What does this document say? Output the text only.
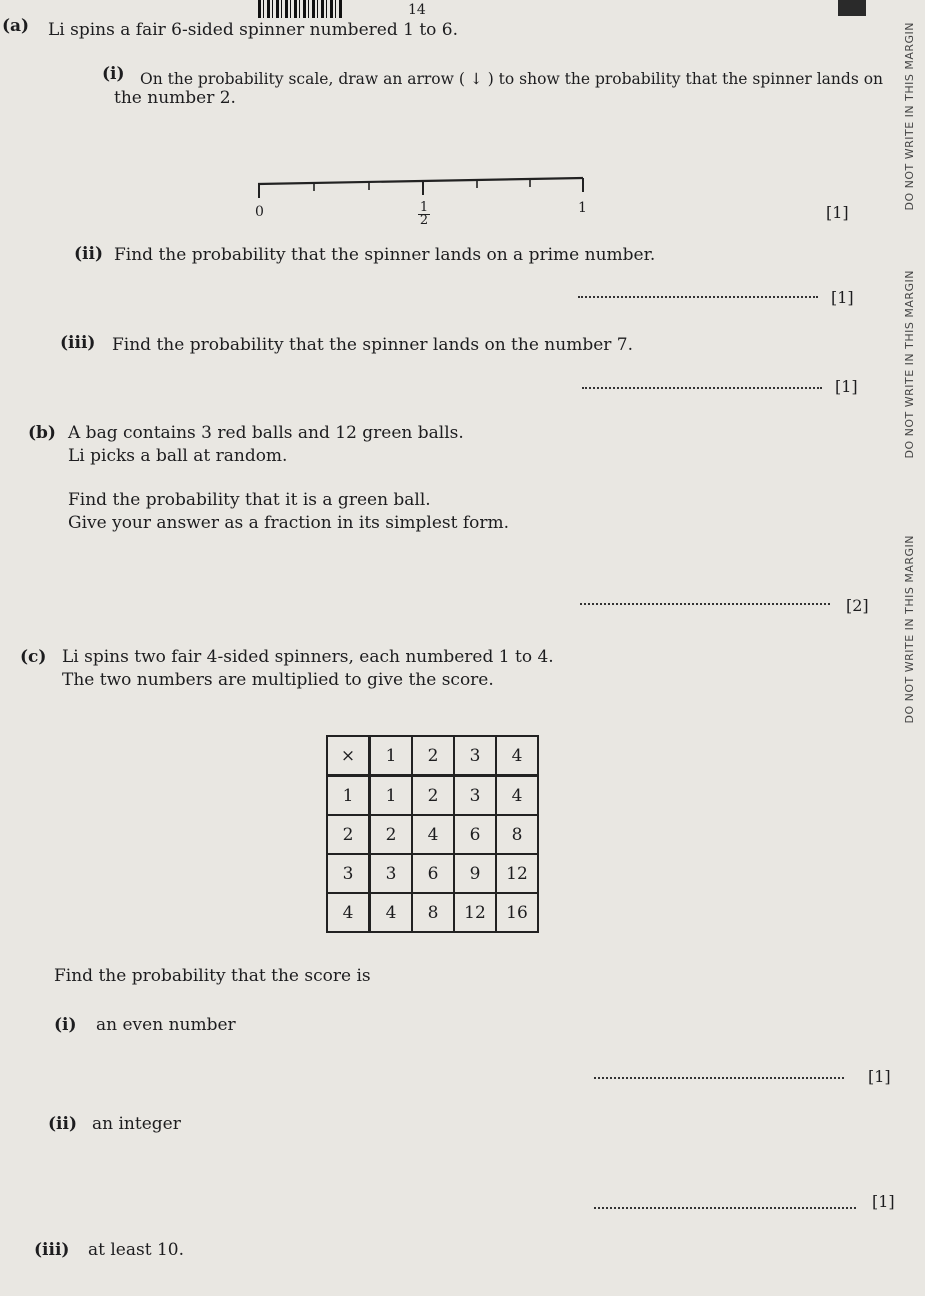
14
DO NOT WRITE IN THIS MARGIN
DO NOT WRITE IN THIS MARGIN
DO NOT WRITE IN THIS MARGIN
(a) Li spins a fair 6-sided spinner numbered 1 to 6.
(i) On the probability scale, draw an arrow ( ↓ ) to show the probability that the spinner lands on
the number 2.
0	$\frac{1}{2}$	1	[1]
(ii) Find the probability that the spinner lands on a prime number.
[1]
(iii) Find the probability that the spinner lands on the number 7.
[1]
(b) A bag contains 3 red balls and 12 green balls.
Li picks a ball at random.
Find the probability that it is a green ball.
Give your answer as a fraction in its simplest form.
[2]
(c) Li spins two fair 4-sided spinners, each numbered 1 to 4.
The two numbers are multiplied to give the score.
×	1	2	3	4
1	1	2	3	4
2	2	4	6	8
3	3	6	9	12
4	4	8	12	16
Find the probability that the score is
(i) an even number
[1]
(ii) an integer
[1]
(iii) at least 10.
